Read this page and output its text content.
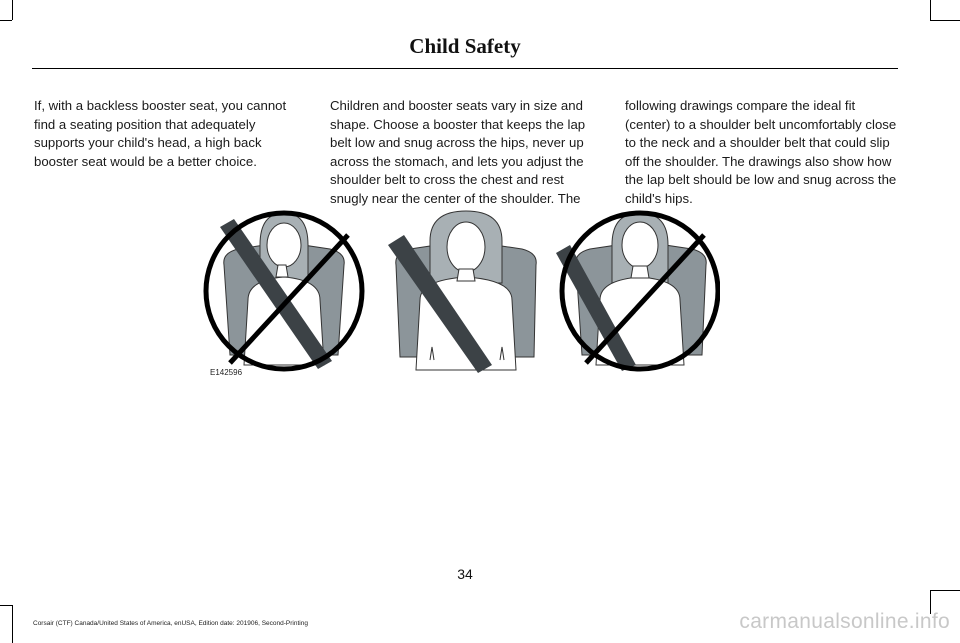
Child Safety
If, with a backless booster seat, you cannot find a seating position that adequately supports your child's head, a high back booster seat would be a better choice.
Children and booster seats vary in size and shape. Choose a booster that keeps the lap belt low and snug across the hips, never up across the stomach, and lets you adjust the shoulder belt to cross the chest and rest snugly near the center of the shoulder. The
following drawings compare the ideal fit (center) to a shoulder belt uncomfortably close to the neck and a shoulder belt that could slip off the shoulder. The drawings also show how the lap belt should be low and snug across the child's hips.
E142596
34
Corsair (CTF) Canada/United States of America, enUSA, Edition date: 201906, Second-Printing	carmanualsonline.info
